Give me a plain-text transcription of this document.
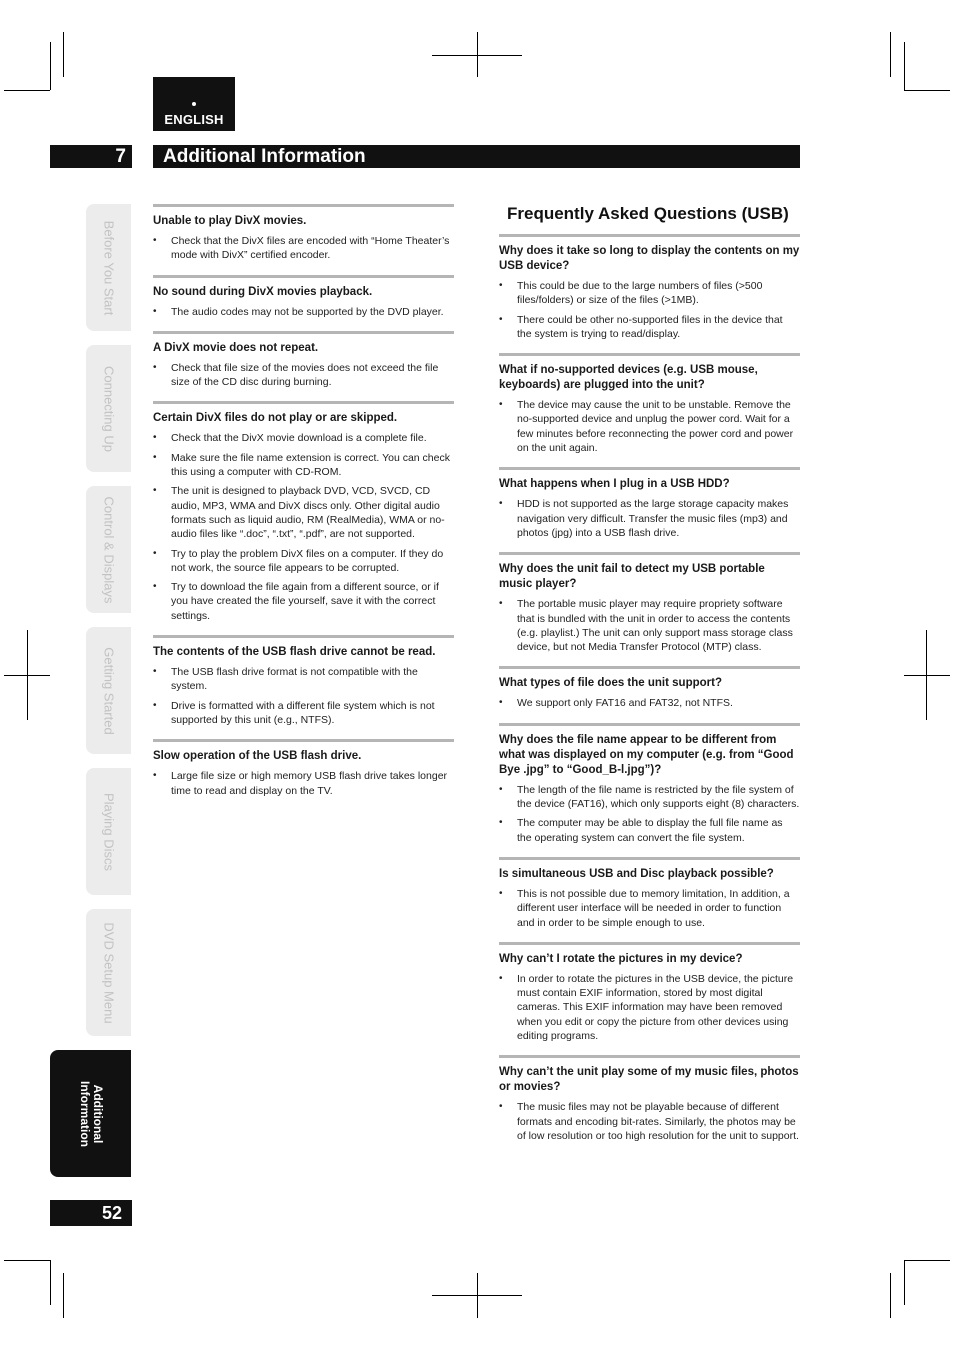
ENGLISH
7	Additional Information
Before You Start
Connecting Up
Control & Displays
Getting Started
Playing Discs
DVD Setup Menu
Additional
Information
52
Unable to play DivX movies.
• Check that the DivX files are encoded with “Home Theater’s mode with DivX” certified encoder.
No sound during DivX movies playback.
• The audio codes may not be supported by the DVD player.
A DivX movie does not repeat.
• Check that file size of the movies does not exceed the file size of the CD disc during burning.
Certain DivX files do not play or are skipped.
• Check that the DivX movie download is a complete file.
• Make sure the file name extension is correct. You can check this using a computer with CD-ROM.
• The unit is designed to playback DVD, VCD, SVCD, CD audio, MP3, WMA and DivX discs only. Other digital audio formats such as liquid audio, RM (RealMedia), WMA or no-audio files like “.doc”, “.txt”, “.pdf”, are not supported.
• Try to play the problem DivX files on a computer. If they do not work, the source file appears to be corrupted.
• Try to download the file again from a different source, or if you have created the file yourself, save it with the correct settings.
The contents of the USB flash drive cannot be read.
• The USB flash drive format is not compatible with the system.
• Drive is formatted with a different file system which is not supported by this unit (e.g., NTFS).
Slow operation of the USB flash drive.
• Large file size or high memory USB flash drive takes longer time to read and display on the TV.
Frequently Asked Questions (USB)
Why does it take so long to display the contents on my USB device?
• This could be due to the large numbers of files (>500 files/folders) or size of the files (>1MB).
• There could be other no-supported files in the device that the system is trying to read/display.
What if no-supported devices (e.g. USB mouse, keyboards) are plugged into the unit?
• The device may cause the unit to be unstable. Remove the no-supported device and unplug the power cord. Wait for a few minutes before reconnecting the power cord and power on the unit again.
What happens when I plug in a USB HDD?
• HDD is not supported as the large storage capacity makes navigation very difficult. Transfer the music files (mp3) and photos (jpg) into a USB flash drive.
Why does the unit fail to detect my USB portable music player?
• The portable music player may require propriety software that is bundled with the unit in order to access the contents (e.g. playlist.) The unit can only support mass storage class device, but not Media Transfer Protocol (MTP) class.
What types of file does the unit support?
• We support only FAT16 and FAT32, not NTFS.
Why does the file name appear to be different from what was displayed on my computer (e.g. from “Good Bye .jpg” to “Good_B-l.jpg”)?
• The length of the file name is restricted by the file system of the device (FAT16), which only supports eight (8) characters.
• The computer may be able to display the full file name as the operating system can convert the file system.
Is simultaneous USB and Disc playback possible?
• This is not possible due to memory limitation, In addition, a different user interface will be needed in order to function and in order to be simple enough to use.
Why can’t I rotate the pictures in my device?
• In order to rotate the pictures in the USB device, the picture must contain EXIF information, stored by most digital cameras. This EXIF information may have been removed when you edit or copy the picture from other devices using editing programs.
Why can’t the unit play some of my music files, photos or movies?
• The music files may not be playable because of different formats and encoding bit-rates. Similarly, the photos may be of low resolution or too high resolution for the unit to support.
